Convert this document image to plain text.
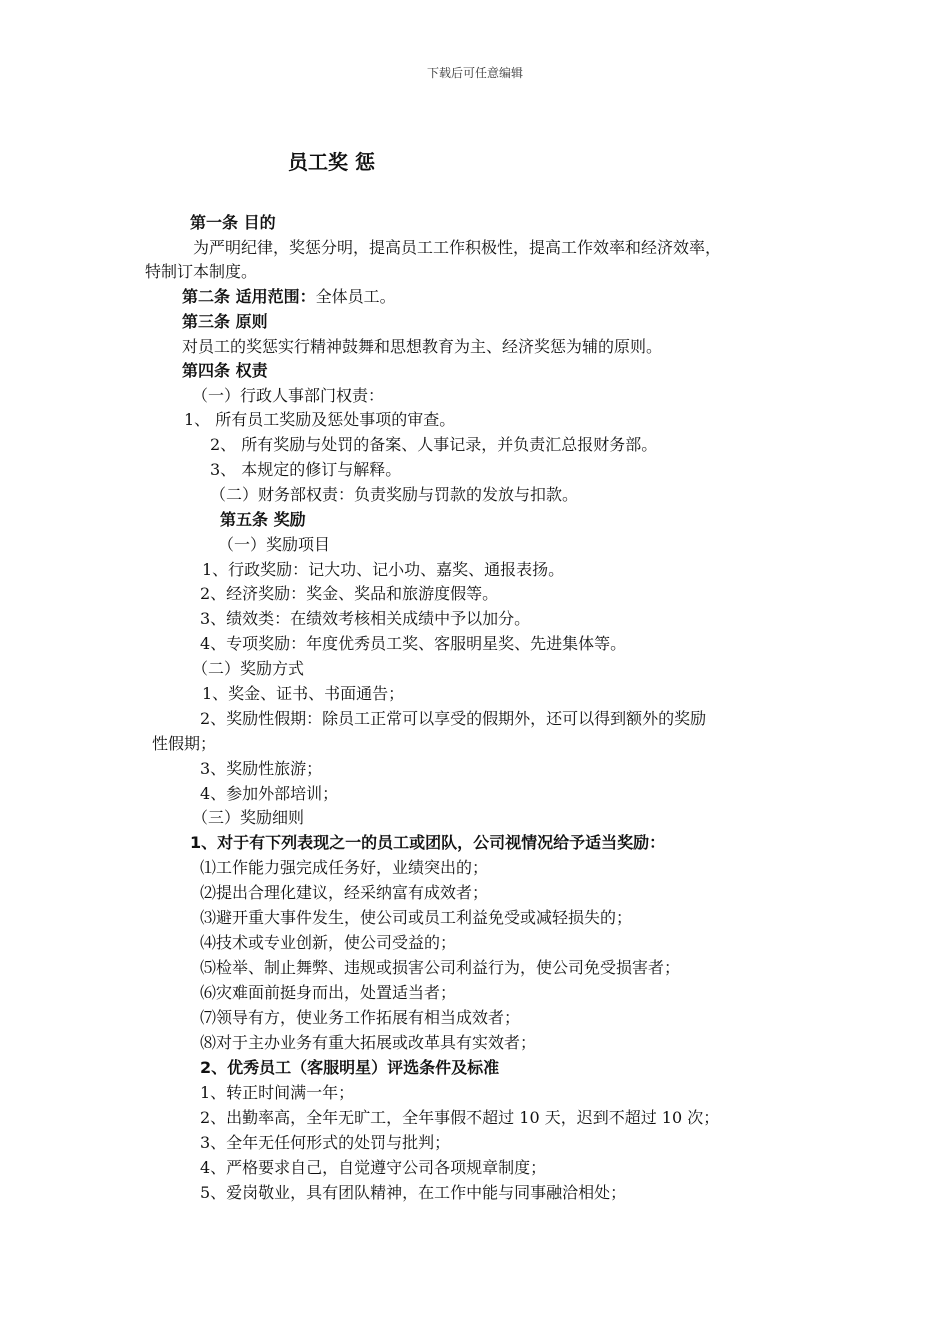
下载后可任意编辑
员工奖 惩
第一条 目的
为严明纪律，奖惩分明，提高员工工作积极性，提高工作效率和经济效率，
特制订本制度。
第二条 适用范围：全体员工。
第三条 原则
对员工的奖惩实行精神鼓舞和思想教育为主、经济奖惩为辅的原则。
第四条 权责
（一）行政人事部门权责：
1、 所有员工奖励及惩处事项的审查。
2、 所有奖励与处罚的备案、人事记录，并负责汇总报财务部。
3、 本规定的修订与解释。
（二）财务部权责：负责奖励与罚款的发放与扣款。
第五条 奖励
（一）奖励项目
1、行政奖励：记大功、记小功、嘉奖、通报表扬。
2、经济奖励：奖金、奖品和旅游度假等。
3、绩效类：在绩效考核相关成绩中予以加分。
4、专项奖励：年度优秀员工奖、客服明星奖、先进集体等。
（二）奖励方式
1、奖金、证书、书面通告；
2、奖励性假期：除员工正常可以享受的假期外，还可以得到额外的奖励
性假期；
3、奖励性旅游；
4、参加外部培训；
（三）奖励细则
1、对于有下列表现之一的员工或团队，公司视情况给予适当奖励：
⑴工作能力强完成任务好，业绩突出的；
⑵提出合理化建议，经采纳富有成效者；
⑶避开重大事件发生，使公司或员工利益免受或减轻损失的；
⑷技术或专业创新，使公司受益的；
⑸检举、制止舞弊、违规或损害公司利益行为，使公司免受损害者；
⑹灾难面前挺身而出，处置适当者；
⑺领导有方，使业务工作拓展有相当成效者；
⑻对于主办业务有重大拓展或改革具有实效者；
2、优秀员工（客服明星）评选条件及标准
1、转正时间满一年；
2、出勤率高，全年无旷工，全年事假不超过 10 天，迟到不超过 10 次；
3、全年无任何形式的处罚与批判；
4、严格要求自己，自觉遵守公司各项规章制度；
5、爱岗敬业，具有团队精神，在工作中能与同事融洽相处；
